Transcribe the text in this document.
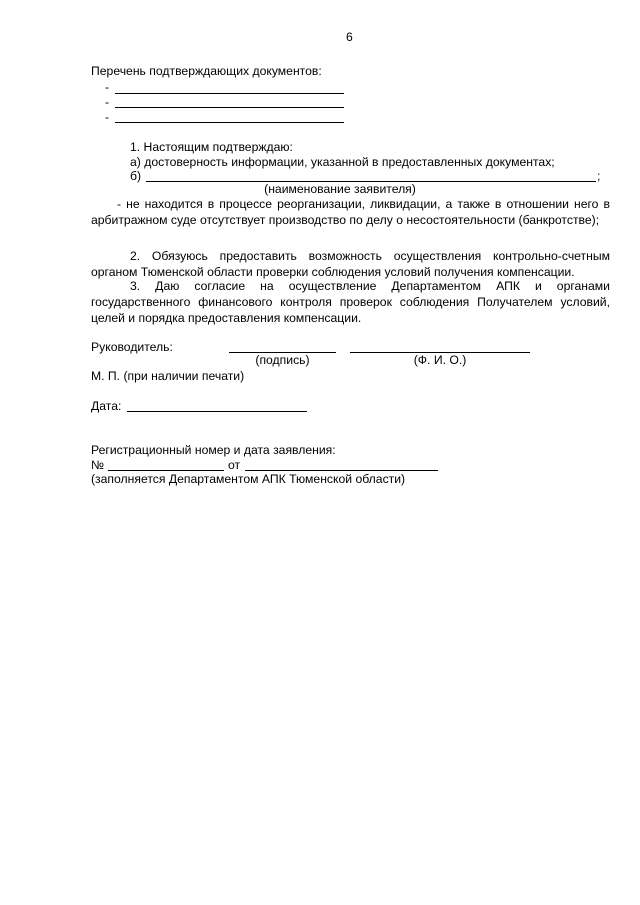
6
Перечень подтверждающих документов:
-
-
-
1. Настоящим подтверждаю:
а) достоверность информации, указанной в предоставленных документах;
б)	;
(наименование заявителя)
- не находится в процессе реорганизации, ликвидации, а также в отношении него в арбитражном суде отсутствует производство по делу о несостоятельности (банкротстве);
2. Обязуюсь предоставить возможность осуществления контрольно-счетным органом Тюменской области проверки соблюдения условий получения компенсации.
3. Даю согласие на осуществление Департаментом АПК и органами государственного финансового контроля проверок соблюдения Получателем условий, целей и порядка предоставления компенсации.
Руководитель:
(подпись)	(Ф. И. О.)
М. П. (при наличии печати)
Дата:
Регистрационный номер и дата заявления:
№	от
(заполняется Департаментом АПК Тюменской области)
